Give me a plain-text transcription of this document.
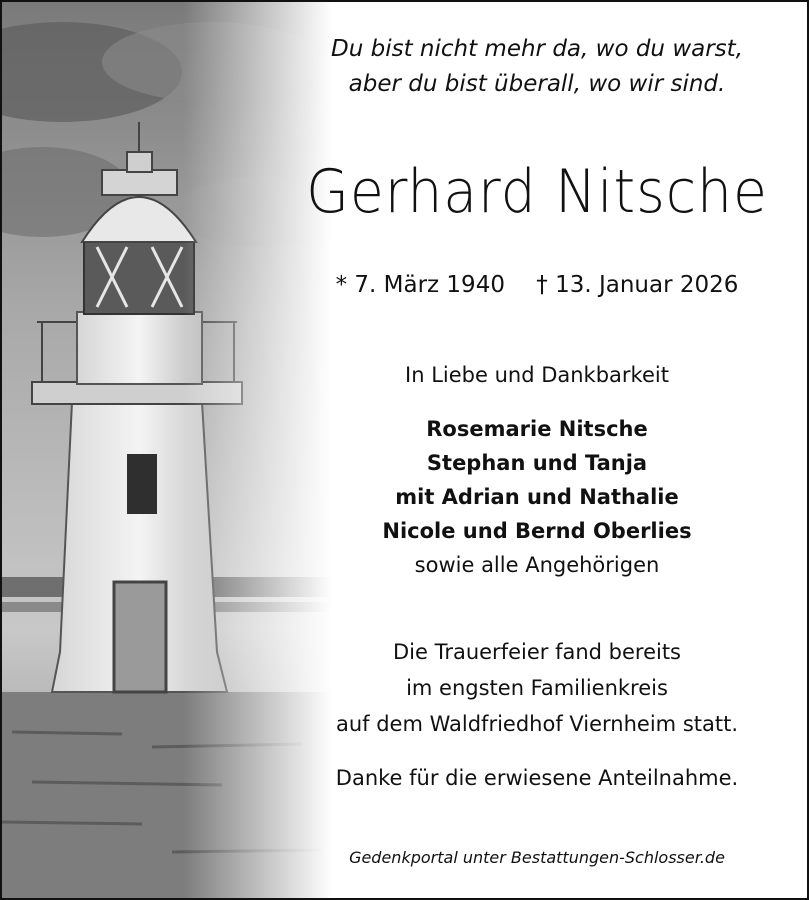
Du bist nicht mehr da, wo du warst,
aber du bist überall, wo wir sind.
Gerhard Nitsche
* 7. März 1940 † 13. Januar 2026
In Liebe und Dankbarkeit
Rosemarie Nitsche
Stephan und Tanja
mit Adrian und Nathalie
Nicole und Bernd Oberlies
sowie alle Angehörigen
Die Trauerfeier fand bereits
im engsten Familienkreis
auf dem Waldfriedhof Viernheim statt.
Danke für die erwiesene Anteilnahme.
Gedenkportal unter Bestattungen-Schlosser.de
